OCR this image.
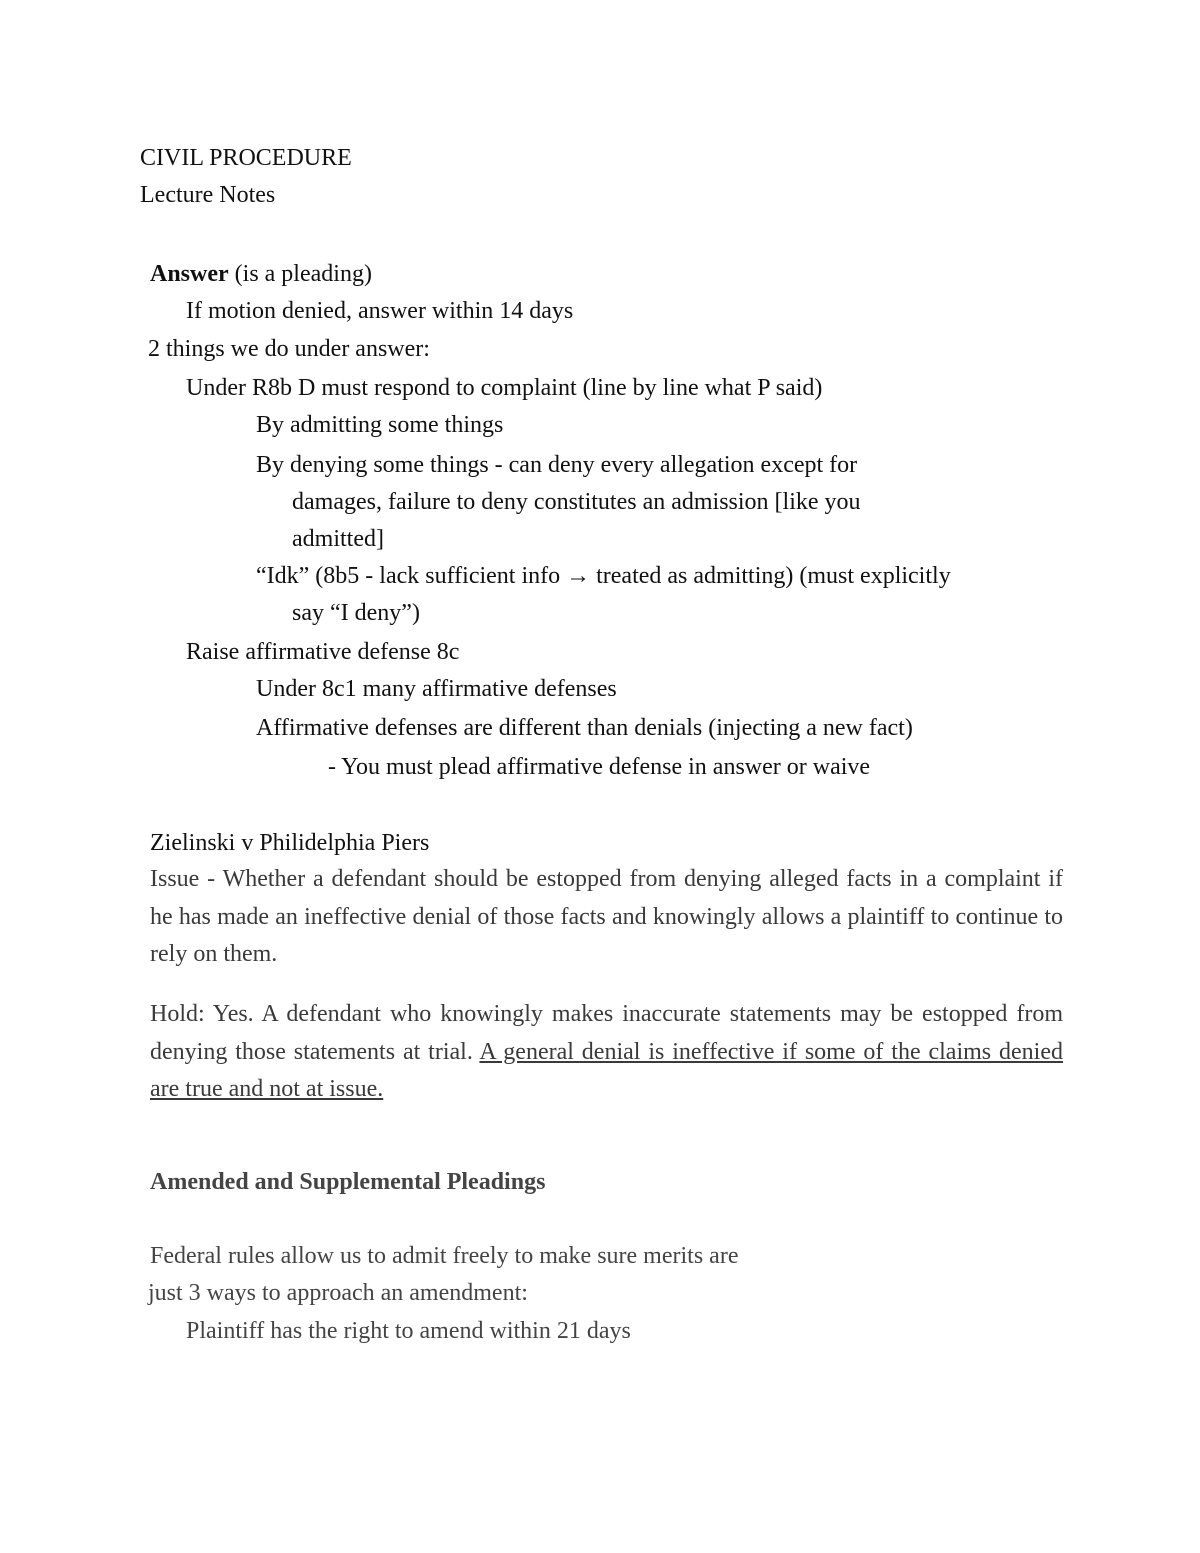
CIVIL PROCEDURE
Lecture Notes
Answer (is a pleading)
If motion denied, answer within 14 days
2 things we do under answer:
Under R8b D must respond to complaint (line by line what P said)
By admitting some things
By denying some things - can deny every allegation except for
damages, failure to deny constitutes an admission [like you
admitted]
“Idk” (8b5 - lack sufficient info → treated as admitting) (must explicitly
say “I deny”)
Raise affirmative defense 8c
Under 8c1 many affirmative defenses
Affirmative defenses are different than denials (injecting a new fact)
- You must plead affirmative defense in answer or waive
Zielinski v Philidelphia Piers
Issue - Whether a defendant should be estopped from denying alleged facts in a complaint if he has made an ineffective denial of those facts and knowingly allows a plaintiff to continue to rely on them.
Hold: Yes. A defendant who knowingly makes inaccurate statements may be estopped from denying those statements at trial. A general denial is ineffective if some of the claims denied are true and not at issue.
Amended and Supplemental Pleadings
Federal rules allow us to admit freely to make sure merits are
just 3 ways to approach an amendment:
Plaintiff has the right to amend within 21 days
